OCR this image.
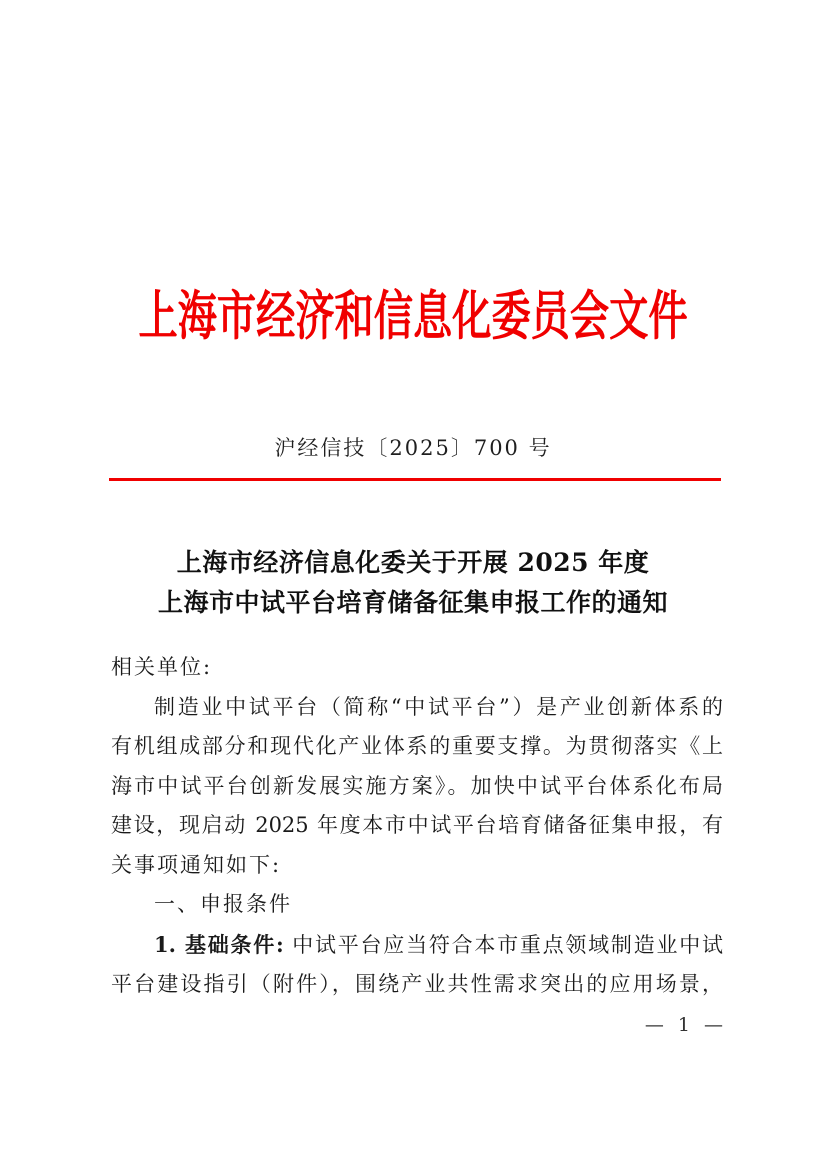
上海市经济和信息化委员会文件
沪经信技〔2025〕700 号
上海市经济信息化委关于开展 2025 年度
上海市中试平台培育储备征集申报工作的通知
相关单位:
制造业中试平台（简称“中试平台”）是产业创新体系的
有机组成部分和现代化产业体系的重要支撑。为贯彻落实《上
海市中试平台创新发展实施方案》。加快中试平台体系化布局
建设，现启动 2025 年度本市中试平台培育储备征集申报，有
关事项通知如下:
一、申报条件
1. 基础条件: 中试平台应当符合本市重点领域制造业中试
平台建设指引（附件），围绕产业共性需求突出的应用场景，
— 1 —
